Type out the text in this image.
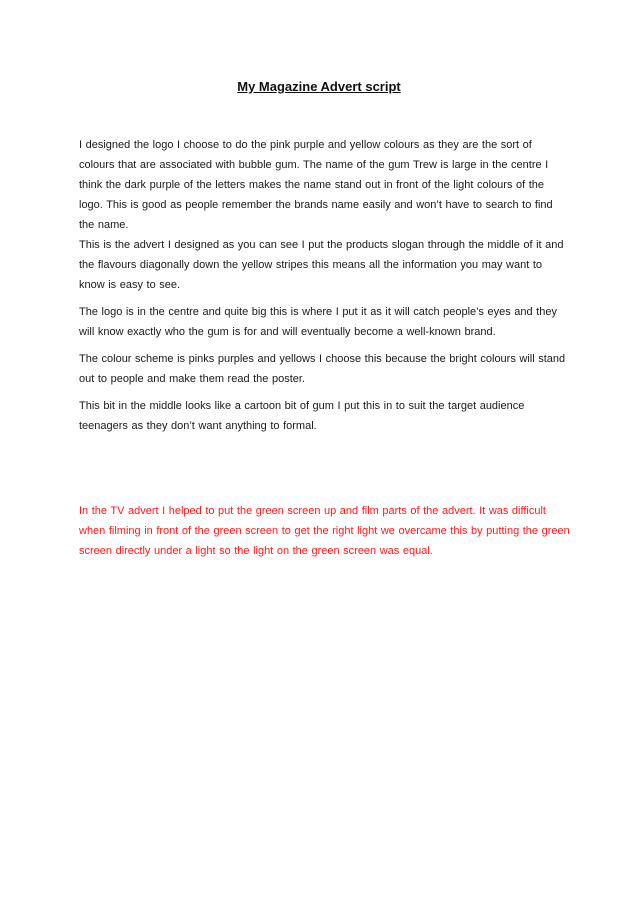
My Magazine Advert script

I designed the logo I choose to do the pink purple and yellow colours as they are the sort of colours that are associated with bubble gum. The name of the gum Trew is large in the centre I think the dark purple of the letters makes the name stand out in front of the light colours of the logo. This is good as people remember the brands name easily and won’t have to search to find the name.

This is the advert I designed as you can see I put the products slogan through the middle of it and the flavours diagonally down the yellow stripes this means all the information you may want to know is easy to see.

The logo is in the centre and quite big this is where I put it as it will catch people’s eyes and they will know exactly who the gum is for and will eventually become a well-known brand.

The colour scheme is pinks purples and yellows I choose this because the bright colours will stand out to people and make them read the poster.

This bit in the middle looks like a cartoon bit of gum I put this in to suit the target audience teenagers as they don’t want anything to formal.

In the TV advert I helped to put the green screen up and film parts of the advert. It was difficult when filming in front of the green screen to get the right light we overcame this by putting the green screen directly under a light so the light on the green screen was equal.
